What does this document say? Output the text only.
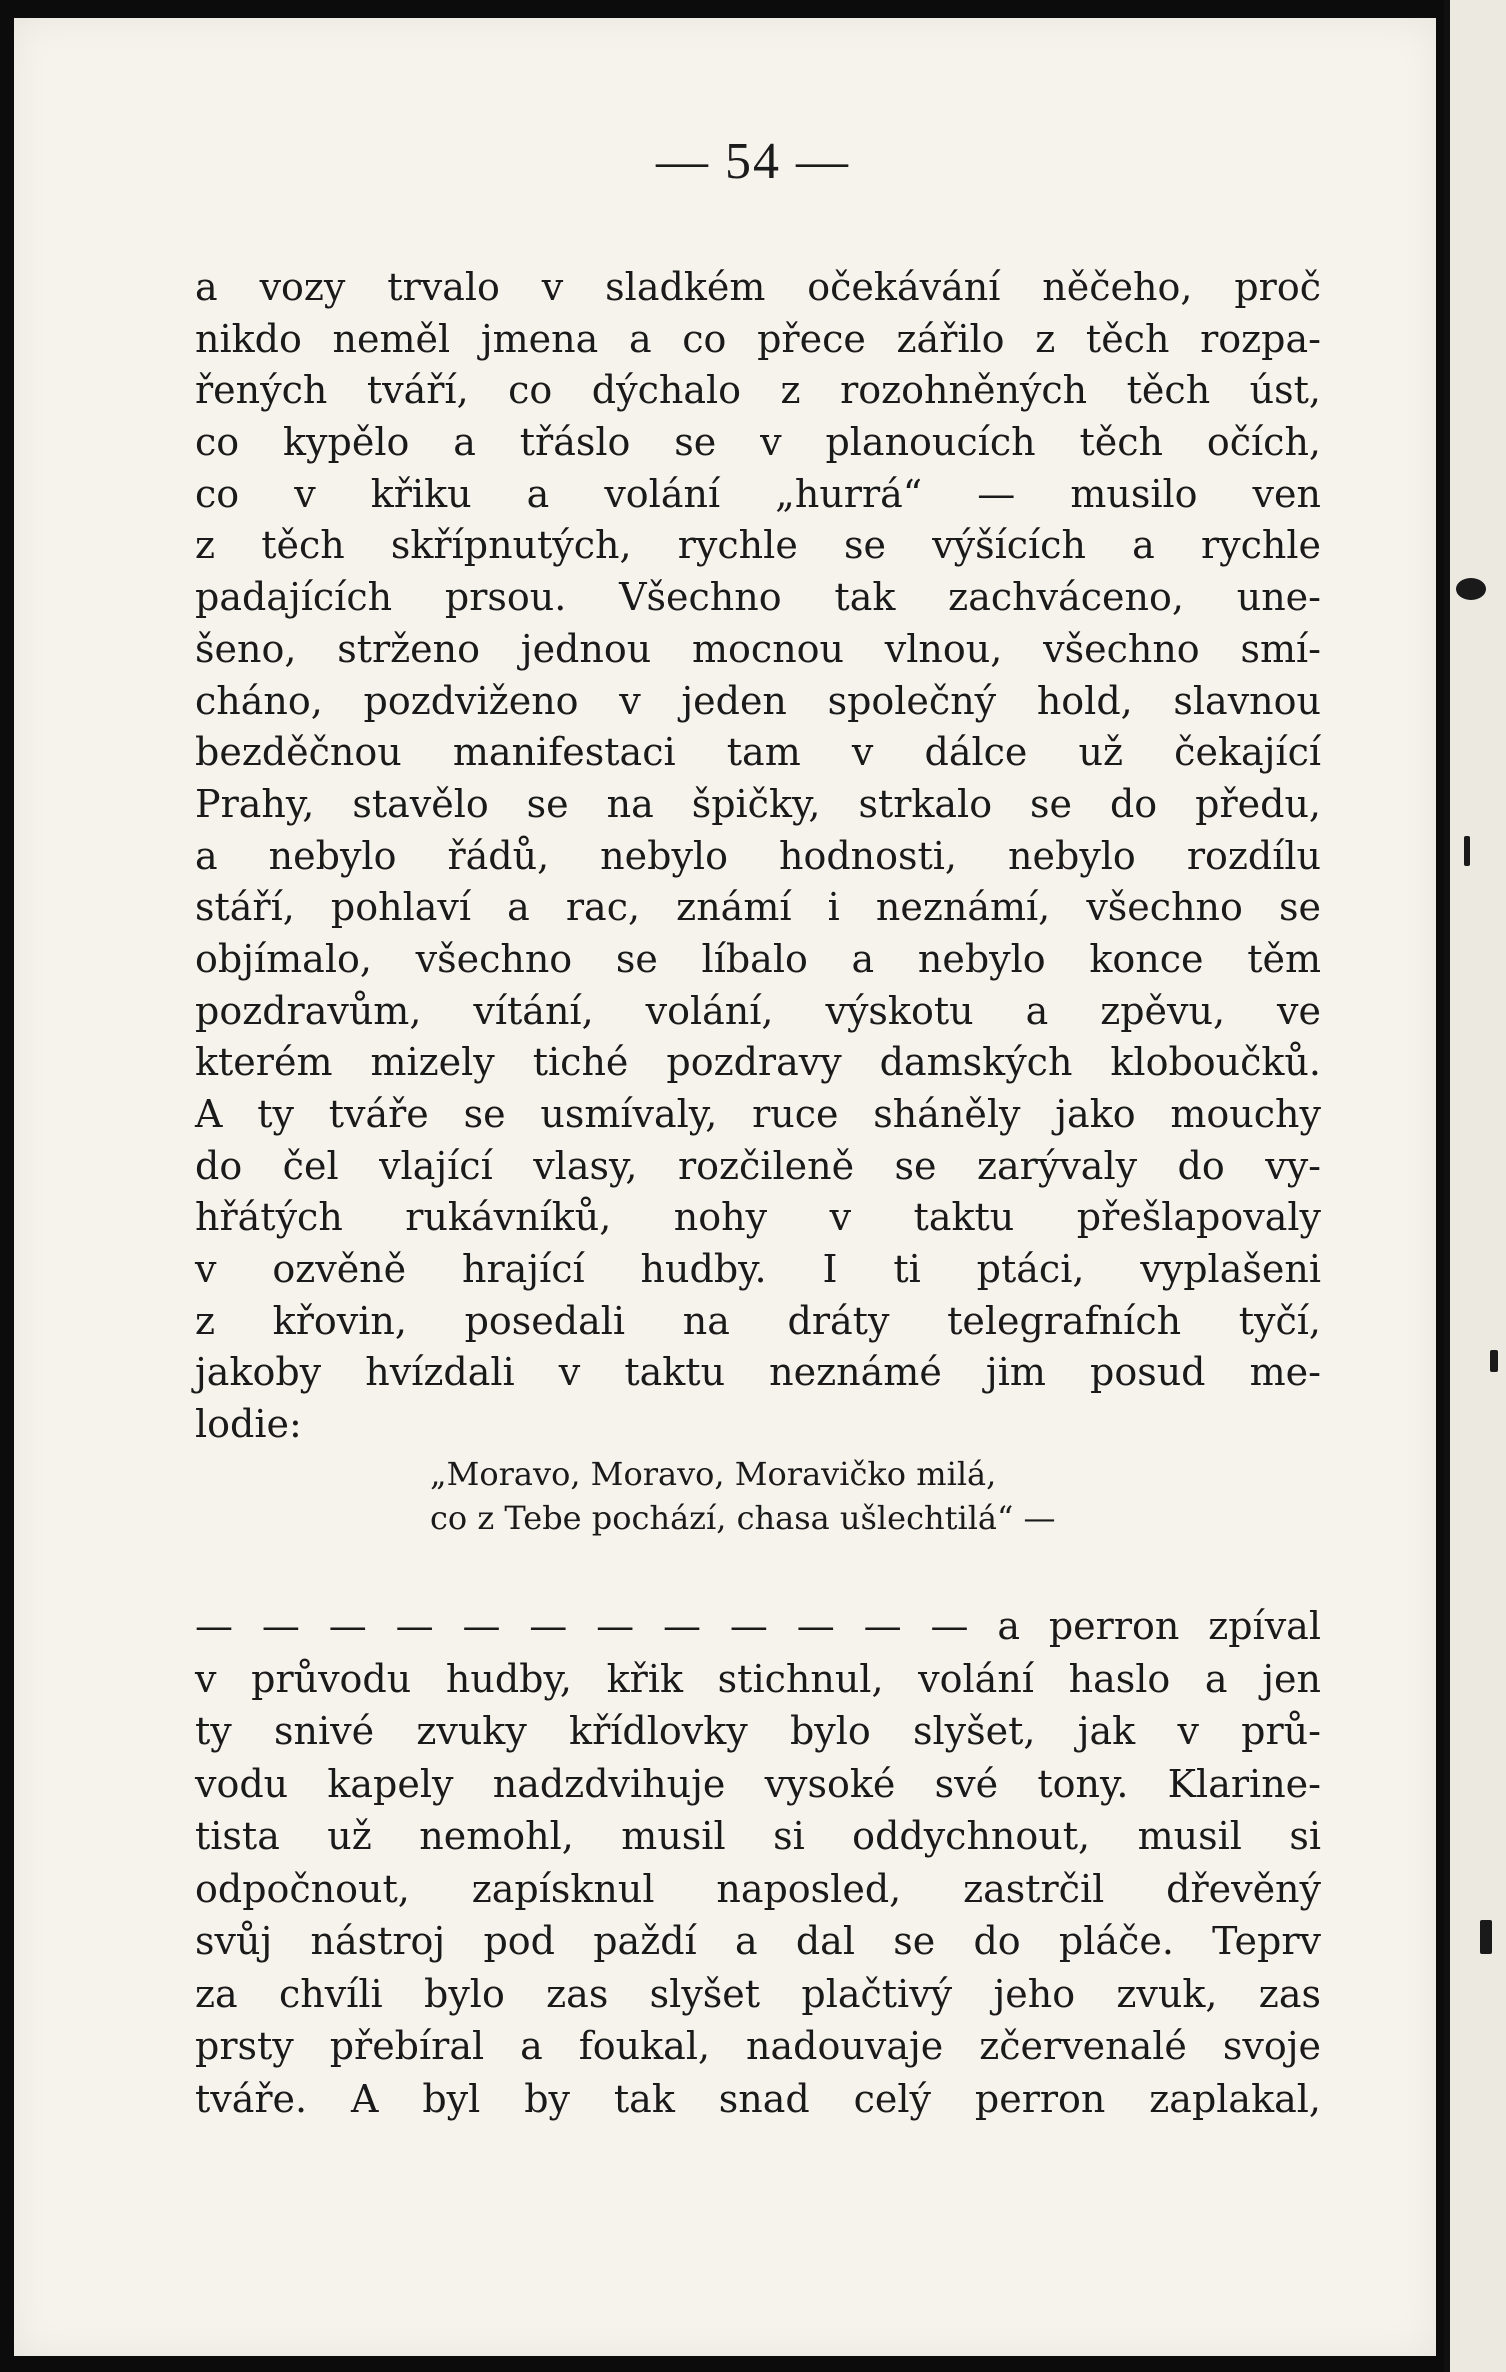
— 54 —
a vozy trvalo v sladkém očekávání něčeho, proč
nikdo neměl jmena a co přece zářilo z těch rozpa-
řených tváří, co dýchalo z rozohněných těch úst,
co kypělo a třáslo se v planoucích těch očích,
co v křiku a volání „hurrá“ — musilo ven
z těch skřípnutých, rychle se výšících a rychle
padajících prsou. Všechno tak zachváceno, une-
šeno, strženo jednou mocnou vlnou, všechno smí-
cháno, pozdviženo v jeden společný hold, slavnou
bezděčnou manifestaci tam v dálce už čekající
Prahy, stavělo se na špičky, strkalo se do předu,
a nebylo řádů, nebylo hodnosti, nebylo rozdílu
stáří, pohlaví a rac, známí i neznámí, všechno se
objímalo, všechno se líbalo a nebylo konce těm
pozdravům, vítání, volání, výskotu a zpěvu, ve
kterém mizely tiché pozdravy damských kloboučků.
A ty tváře se usmívaly, ruce sháněly jako mouchy
do čel vlající vlasy, rozčileně se zarývaly do vy-
hřátých rukávníků, nohy v taktu přešlapovaly
v ozvěně hrající hudby. I ti ptáci, vyplašeni
z křovin, posedali na dráty telegrafních tyčí,
jakoby hvízdali v taktu neznámé jim posud me-
lodie:
„Moravo, Moravo, Moravičko milá,
co z Tebe pochází, chasa ušlechtilá“ —
— — — — — — — — — — — — a perron zpíval
v průvodu hudby, křik stichnul, volání haslo a jen
ty snivé zvuky křídlovky bylo slyšet, jak v prů-
vodu kapely nadzdvihuje vysoké své tony. Klarine-
tista už nemohl, musil si oddychnout, musil si
odpočnout, zapísknul naposled, zastrčil dřevěný
svůj nástroj pod paždí a dal se do pláče. Teprv
za chvíli bylo zas slyšet plačtivý jeho zvuk, zas
prsty přebíral a foukal, nadouvaje zčervenalé svoje
tváře. A byl by tak snad celý perron zaplakal,
